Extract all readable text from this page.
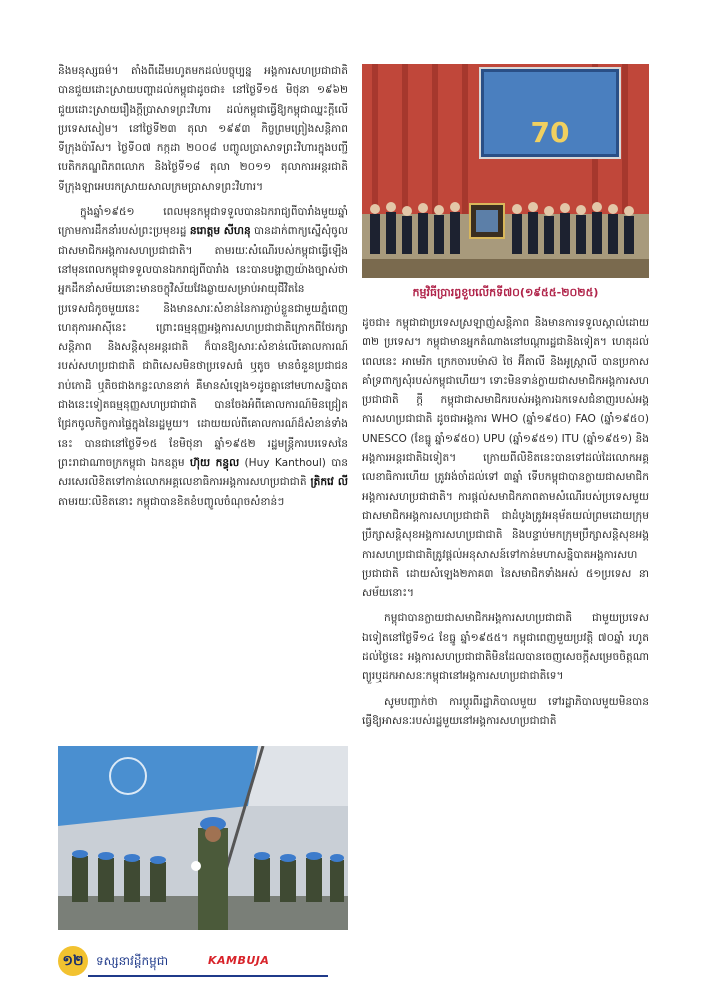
និងមនុស្សធម៌។ តាំងពីដើមរហូតមកដល់បច្ចុប្បន្ន អង្គការសហប្រជាជាតិបានជួយដោះស្រាយបញ្ហាដល់កម្ពុជាដូចជា៖ នៅថ្ងៃទី១៥ មិថុនា ១៩៦២ ជួយដោះស្រាយរឿងក្តីប្រាសាទព្រះវិហារ ដល់កម្ពុជាធ្វើឱ្យកម្ពុជាឈ្នះក្តីលើប្រទេសសៀម។ នៅថ្ងៃទី២៣ តុលា ១៩៩៣ កិច្ចព្រមព្រៀងសន្តិភាពទីក្រុងប៉ារីស។ ថ្ងៃទី០៧ កក្កដា ២០០៨ បញ្ចូលប្រាសាទព្រះវិហារក្នុងបញ្ជីបេតិកភណ្ឌពិភពលោក និងថ្ងៃទី១៨ តុលា ២០១១ តុលាការអន្តរជាតិទីក្រុងឡាអេបរកស្រាយសាលក្រមប្រាសាទព្រះវិហារ។

ក្នុងឆ្នាំ១៩៥១ ពេលមុនកម្ពុជាទទួលបានឯករាជ្យពីបារាំងមួយឆ្នាំ ក្រោមការដឹកនាំរបស់ព្រះប្រមុខរដ្ឋ នរោត្តម សីហនុ បានដាក់ពាក្យស្នើសុំចូលជាសមាជិកអង្គការសហប្រជាជាតិ។ តាមរយៈសំណើរបស់កម្ពុជាធ្វើឡើងនៅមុនពេលកម្ពុជាទទួលបានឯករាជ្យពីបារាំង នេះបានបង្ហាញយ៉ាងច្បាស់ថា អ្នកដឹកនាំសម័យនោះមានចក្ខុវិស័យវែងឆ្ងាយសម្រាប់អាយុជីវិតនៃប្រទេសជំកូចមួយនេះ និងមានសារៈសំខាន់នៃការភ្ជាប់ខ្លួនជាមួយភ្នំពេញហេតុការអាស៊ីនេះ ព្រោះធម្មនុញ្ញអង្គការសហប្រជាជាតិក្រោកពីថែរក្សាសន្តិភាព និងសន្តិសុខអន្តរជាតិ ក៏បានឱ្យសារៈសំខាន់លើគោលការណ៍របស់សហប្រជាជាតិ ជាពិសេសមិនថាប្រទេសធំ ឬតូច មានចំនួនប្រជាជនរាប់កោដិ ឬតិចជាងកន្លះលាននាក់ គឺមានសំឡេង១ដូចគ្នានៅមហាសន្និបាត ជាងនេះទៀតធម្មនុញ្ញសហប្រជាជាតិ បានចែងអំពីគោលការណ៍មិនជ្រៀតជ្រែកចូលកិច្ចការផ្ទៃក្នុងនៃរដ្ឋមួយ។ ដោយយល់ពីគោលការណ៍ដ៏សំខាន់ទាំងនេះ បានជានៅថ្ងៃទី១៥ ខែមិថុនា ឆ្នាំ១៩៥២ រដ្ឋមន្ត្រីការបរទេសនៃព្រះរាជាណាចក្រកម្ពុជា ឯកឧត្តម ហ៊ុយ កន្ធុល (Huy Kanthoul) បានសរសេរលិខិតទៅកាន់លោកអគ្គលេខាធិការអង្គការសហប្រជាជាតិ ត្រិកវេ លី តាមរយៈលិខិតនោះ កម្ពុជាបានខិតខំបញ្ចូលចំណុចសំខាន់ៗ

70
កម្មវិធីប្រារព្ធខួបលើកទី៧០(១៩៥៥-២០២៥)

ដូចជា៖ កម្ពុជាជាប្រទេសស្រឡាញ់សន្តិភាព និងមានការទទួលស្គាល់ដោយ ៣២ ប្រទេស។ កម្ពុជាមានអ្នកតំណាងនៅបណ្តារដ្ឋជានិងទៀត។ ហេតុដល់ពេលនេះ អាមេរិក ក្រេកចារបម៉ាស៊ ថៃ អ៊ីតាលី និងអូស្ត្រាលី បានប្រកាសគាំទ្រពាក្យសុំរបស់កម្ពុជាហើយ។ ទោះមិនទាន់ក្លាយជាសមាជិកអង្គការសហប្រជាជាតិ ក្តី កម្ពុជាជាសមាជិករបស់អង្គការឯកទេសជំនាញរបស់អង្គការសហប្រជាជាតិ ដូចជាអង្គការ WHO (ឆ្នាំ១៩៥០) FAO (ឆ្នាំ១៩៥០) UNESCO (ខែធ្នូ ឆ្នាំ១៩៥០) UPU (ឆ្នាំ១៩៥១) ITU (ឆ្នាំ១៩៥១) និងអង្គការអន្តរជាតិឯទៀត។ ក្រោយពីលិខិតនេះបានទៅដល់ដៃលោកអគ្គលេខាធិការហើយ ត្រូវរង់ចាំដល់ទៅ ៣ឆ្នាំ ទើបកម្ពុជាបានក្លាយជាសមាជិកអង្គការសហប្រជាជាតិ។ ការផ្ដល់សមាជិកភាពតាមសំណើរបស់ប្រទេសមួយ ជាសមាជិកអង្គការសហប្រជាជាតិ ជាដំបូងត្រូវអនុម័តយល់ព្រមដោយក្រុមប្រឹក្សាសន្តិសុខអង្គការសហប្រជាជាតិ និងបន្ទាប់មកក្រុមប្រឹក្សាសន្តិសុខអង្គការសហប្រជាជាតិត្រូវផ្ដល់អនុសាសន៍ទៅកាន់មហាសន្និបាតអង្គការសហប្រជាជាតិ ដោយសំឡេង២ភាគ៣ នៃសមាជិកទាំងអស់ ៥១ប្រទេស នាសម័យនោះ។

កម្ពុជាបានក្លាយជាសមាជិកអង្គការសហប្រជាជាតិ ជាមួយប្រទេសឯទៀតនៅថ្ងៃទី១៤ ខែធ្នូ ឆ្នាំ១៩៥៥។ កម្ពុជាពេញមួយប្រវត្តិ ៧០ឆ្នាំ រហូតដល់ថ្ងៃនេះ អង្គការសហប្រជាជាតិមិនដែលបានចេញសេចក្តីសម្រេចចិត្តណាព្យួរឬដកអាសនៈកម្ពុជានៅអង្គការសហប្រជាជាតិទេ។

សូមបញ្ជាក់ថា ការប្ដូរពីរដ្ឋាភិបាលមួយ ទៅរដ្ឋាភិបាលមួយមិនបានធ្វើឱ្យអាសនៈរបស់រដ្ឋមួយនៅអង្គការសហប្រជាជាតិ

១២	ទស្សនាវដ្ដីកម្ពុជា	KAMBUJA
